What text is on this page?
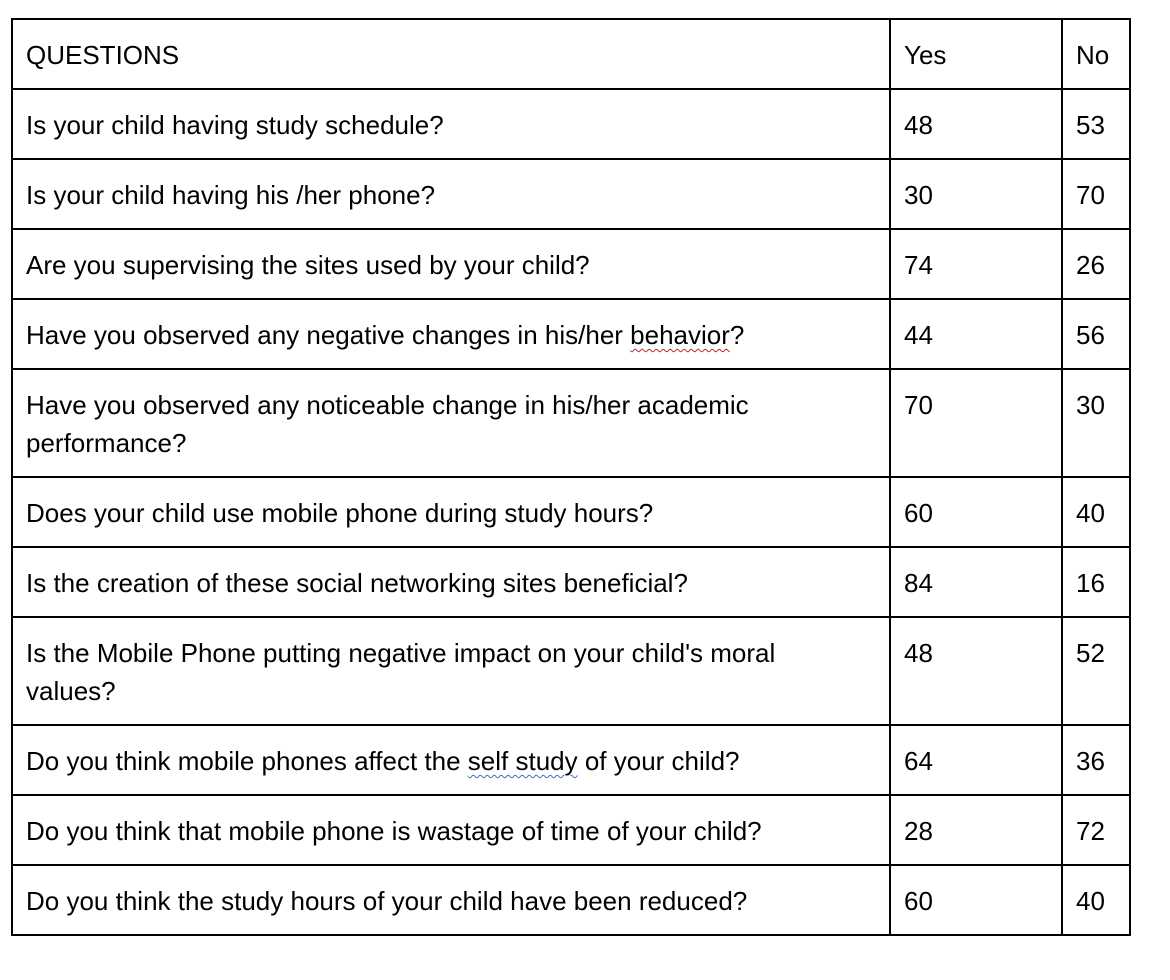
QUESTIONS	Yes	No
Is your child having study schedule?	48	53
Is your child having his /her phone?	30	70
Are you supervising the sites used by your child?	74	26
Have you observed any negative changes in his/her behavior?	44	56
Have you observed any noticeable change in his/her academic performance?	70	30
Does your child use mobile phone during study hours?	60	40
Is the creation of these social networking sites beneficial?	84	16
Is the Mobile Phone putting negative impact on your child's moral
values?	48	52
Do you think mobile phones affect the self study of your child?	64	36
Do you think that mobile phone is wastage of time of your child?	28	72
Do you think the study hours of your child have been reduced?	60	40
